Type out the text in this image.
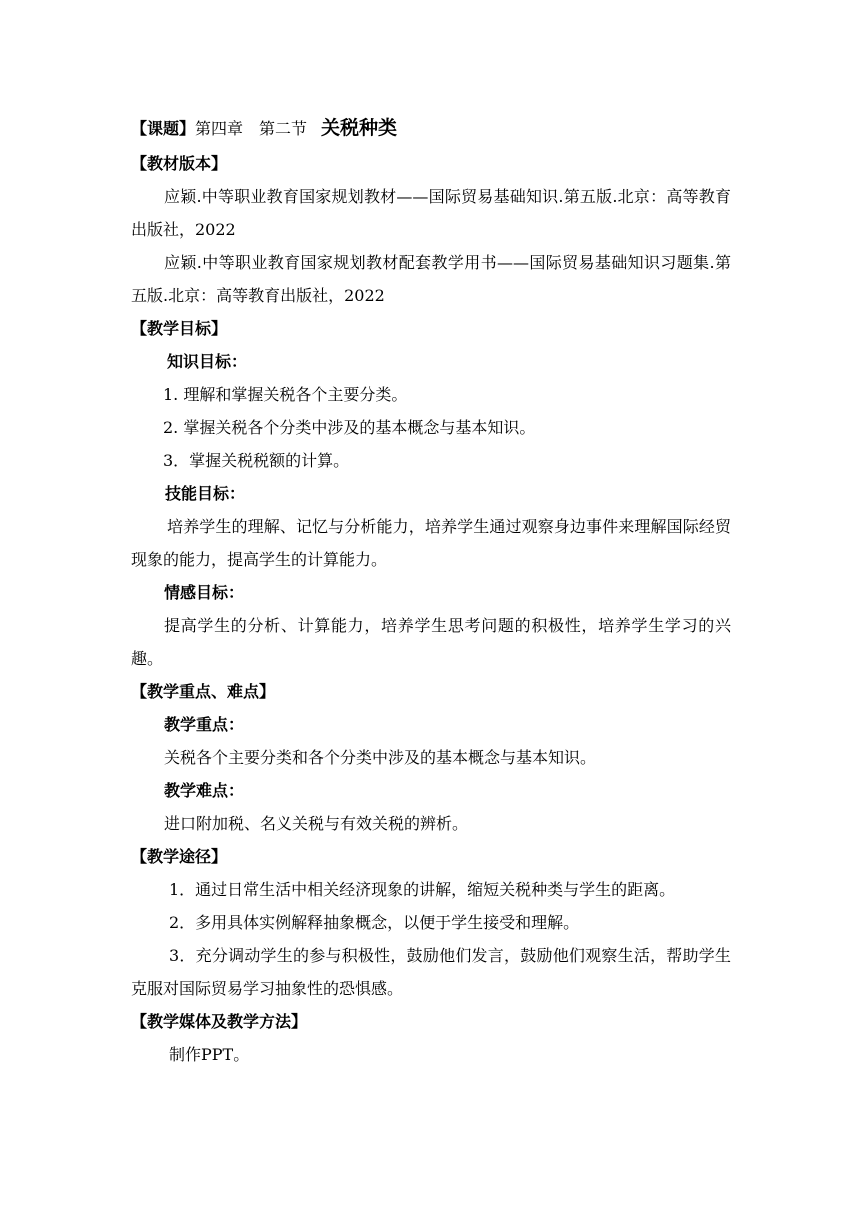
【课题】第四章　第二节 关税种类
【教材版本】
应颖.中等职业教育国家规划教材——国际贸易基础知识.第五版.北京：高等教育出版社，2022
应颖.中等职业教育国家规划教材配套教学用书——国际贸易基础知识习题集.第五版.北京：高等教育出版社，2022
【教学目标】
知识目标：
1. 理解和掌握关税各个主要分类。
2. 掌握关税各个分类中涉及的基本概念与基本知识。
3．掌握关税税额的计算。
技能目标：
培养学生的理解、记忆与分析能力，培养学生通过观察身边事件来理解国际经贸现象的能力，提高学生的计算能力。
情感目标：
提高学生的分析、计算能力，培养学生思考问题的积极性，培养学生学习的兴趣。
【教学重点、难点】
教学重点：
关税各个主要分类和各个分类中涉及的基本概念与基本知识。
教学难点：
进口附加税、名义关税与有效关税的辨析。
【教学途径】
1．通过日常生活中相关经济现象的讲解，缩短关税种类与学生的距离。
2．多用具体实例解释抽象概念，以便于学生接受和理解。
3．充分调动学生的参与积极性，鼓励他们发言，鼓励他们观察生活，帮助学生克服对国际贸易学习抽象性的恐惧感。
【教学媒体及教学方法】
制作PPT。
